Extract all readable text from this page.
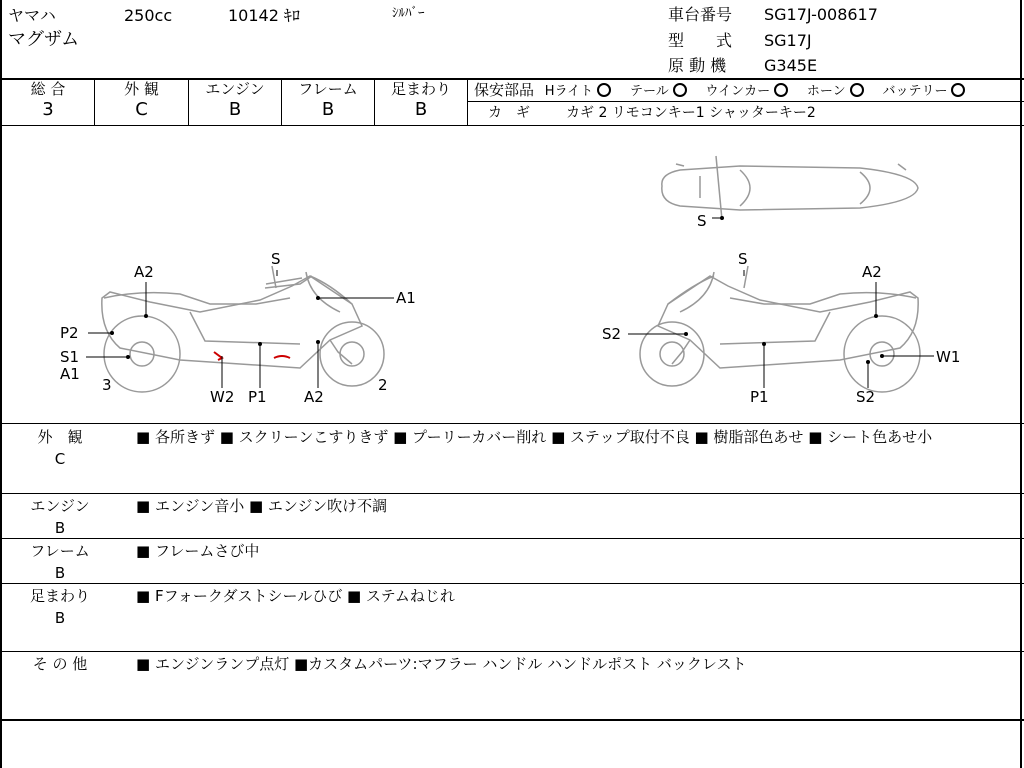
ヤマハ	250cc	10142 ｷﾛ	ｼﾙﾊﾞｰ
マグザム
車台番号 SG17J-008617
型　　式 SG17J
原 動 機 G345E
総 合
3
外 観
C
エンジン
B
フレーム
B
足まわり
B
保安部品 Hライト	テール	ウインカー	ホーン	バッテリー
カ　ギ	カギ 2 リモコンキー1 シャッターキー2
A2
S
A1
P2
S1
A1
3
W2 P1 A2
2
S
A2
S2
W1
P1	S2
S
外　観
C
■ 各所きず ■ スクリーンこすりきず ■ プーリーカバー削れ ■ ステップ取付不良 ■ 樹脂部色あせ ■ シート色あせ小
エンジン
B
■ エンジン音小 ■ エンジン吹け不調
フレーム
B
■ フレームさび中
足まわり
B
■ Fフォークダストシールひび ■ ステムねじれ
そ の 他	■ エンジンランプ点灯 ■カスタムパーツ:マフラー ハンドル ハンドルポスト バックレスト
